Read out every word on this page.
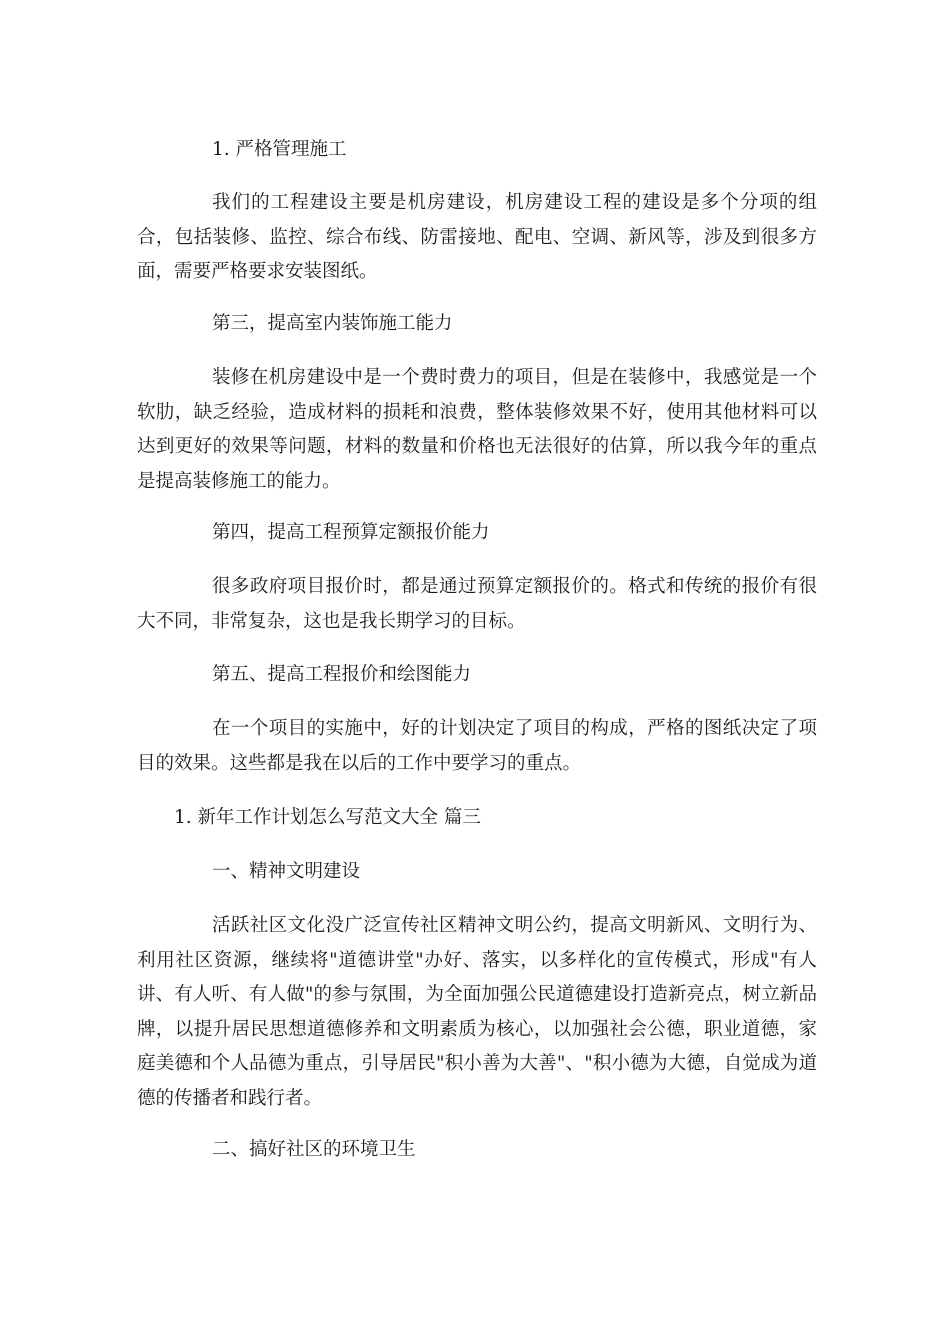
1. 严格管理施工

我们的工程建设主要是机房建设，机房建设工程的建设是多个分项的组合，包括装修、监控、综合布线、防雷接地、配电、空调、新风等，涉及到很多方面，需要严格要求安装图纸。

第三，提高室内装饰施工能力

装修在机房建设中是一个费时费力的项目，但是在装修中，我感觉是一个软肋，缺乏经验，造成材料的损耗和浪费，整体装修效果不好，使用其他材料可以达到更好的效果等问题，材料的数量和价格也无法很好的估算，所以我今年的重点是提高装修施工的能力。

第四，提高工程预算定额报价能力

很多政府项目报价时，都是通过预算定额报价的。格式和传统的报价有很大不同，非常复杂，这也是我长期学习的目标。

第五、提高工程报价和绘图能力

在一个项目的实施中，好的计划决定了项目的构成，严格的图纸决定了项目的效果。这些都是我在以后的工作中要学习的重点。

1. 新年工作计划怎么写范文大全 篇三

一、精神文明建设

活跃社区文化没广泛宣传社区精神文明公约，提高文明新风、文明行为、利用社区资源，继续将"道德讲堂"办好、落实，以多样化的宣传模式，形成"有人讲、有人听、有人做"的参与氛围，为全面加强公民道德建设打造新亮点，树立新品牌，以提升居民思想道德修养和文明素质为核心，以加强社会公德，职业道德，家庭美德和个人品德为重点，引导居民"积小善为大善"、"积小德为大德，自觉成为道德的传播者和践行者。

二、搞好社区的环境卫生
